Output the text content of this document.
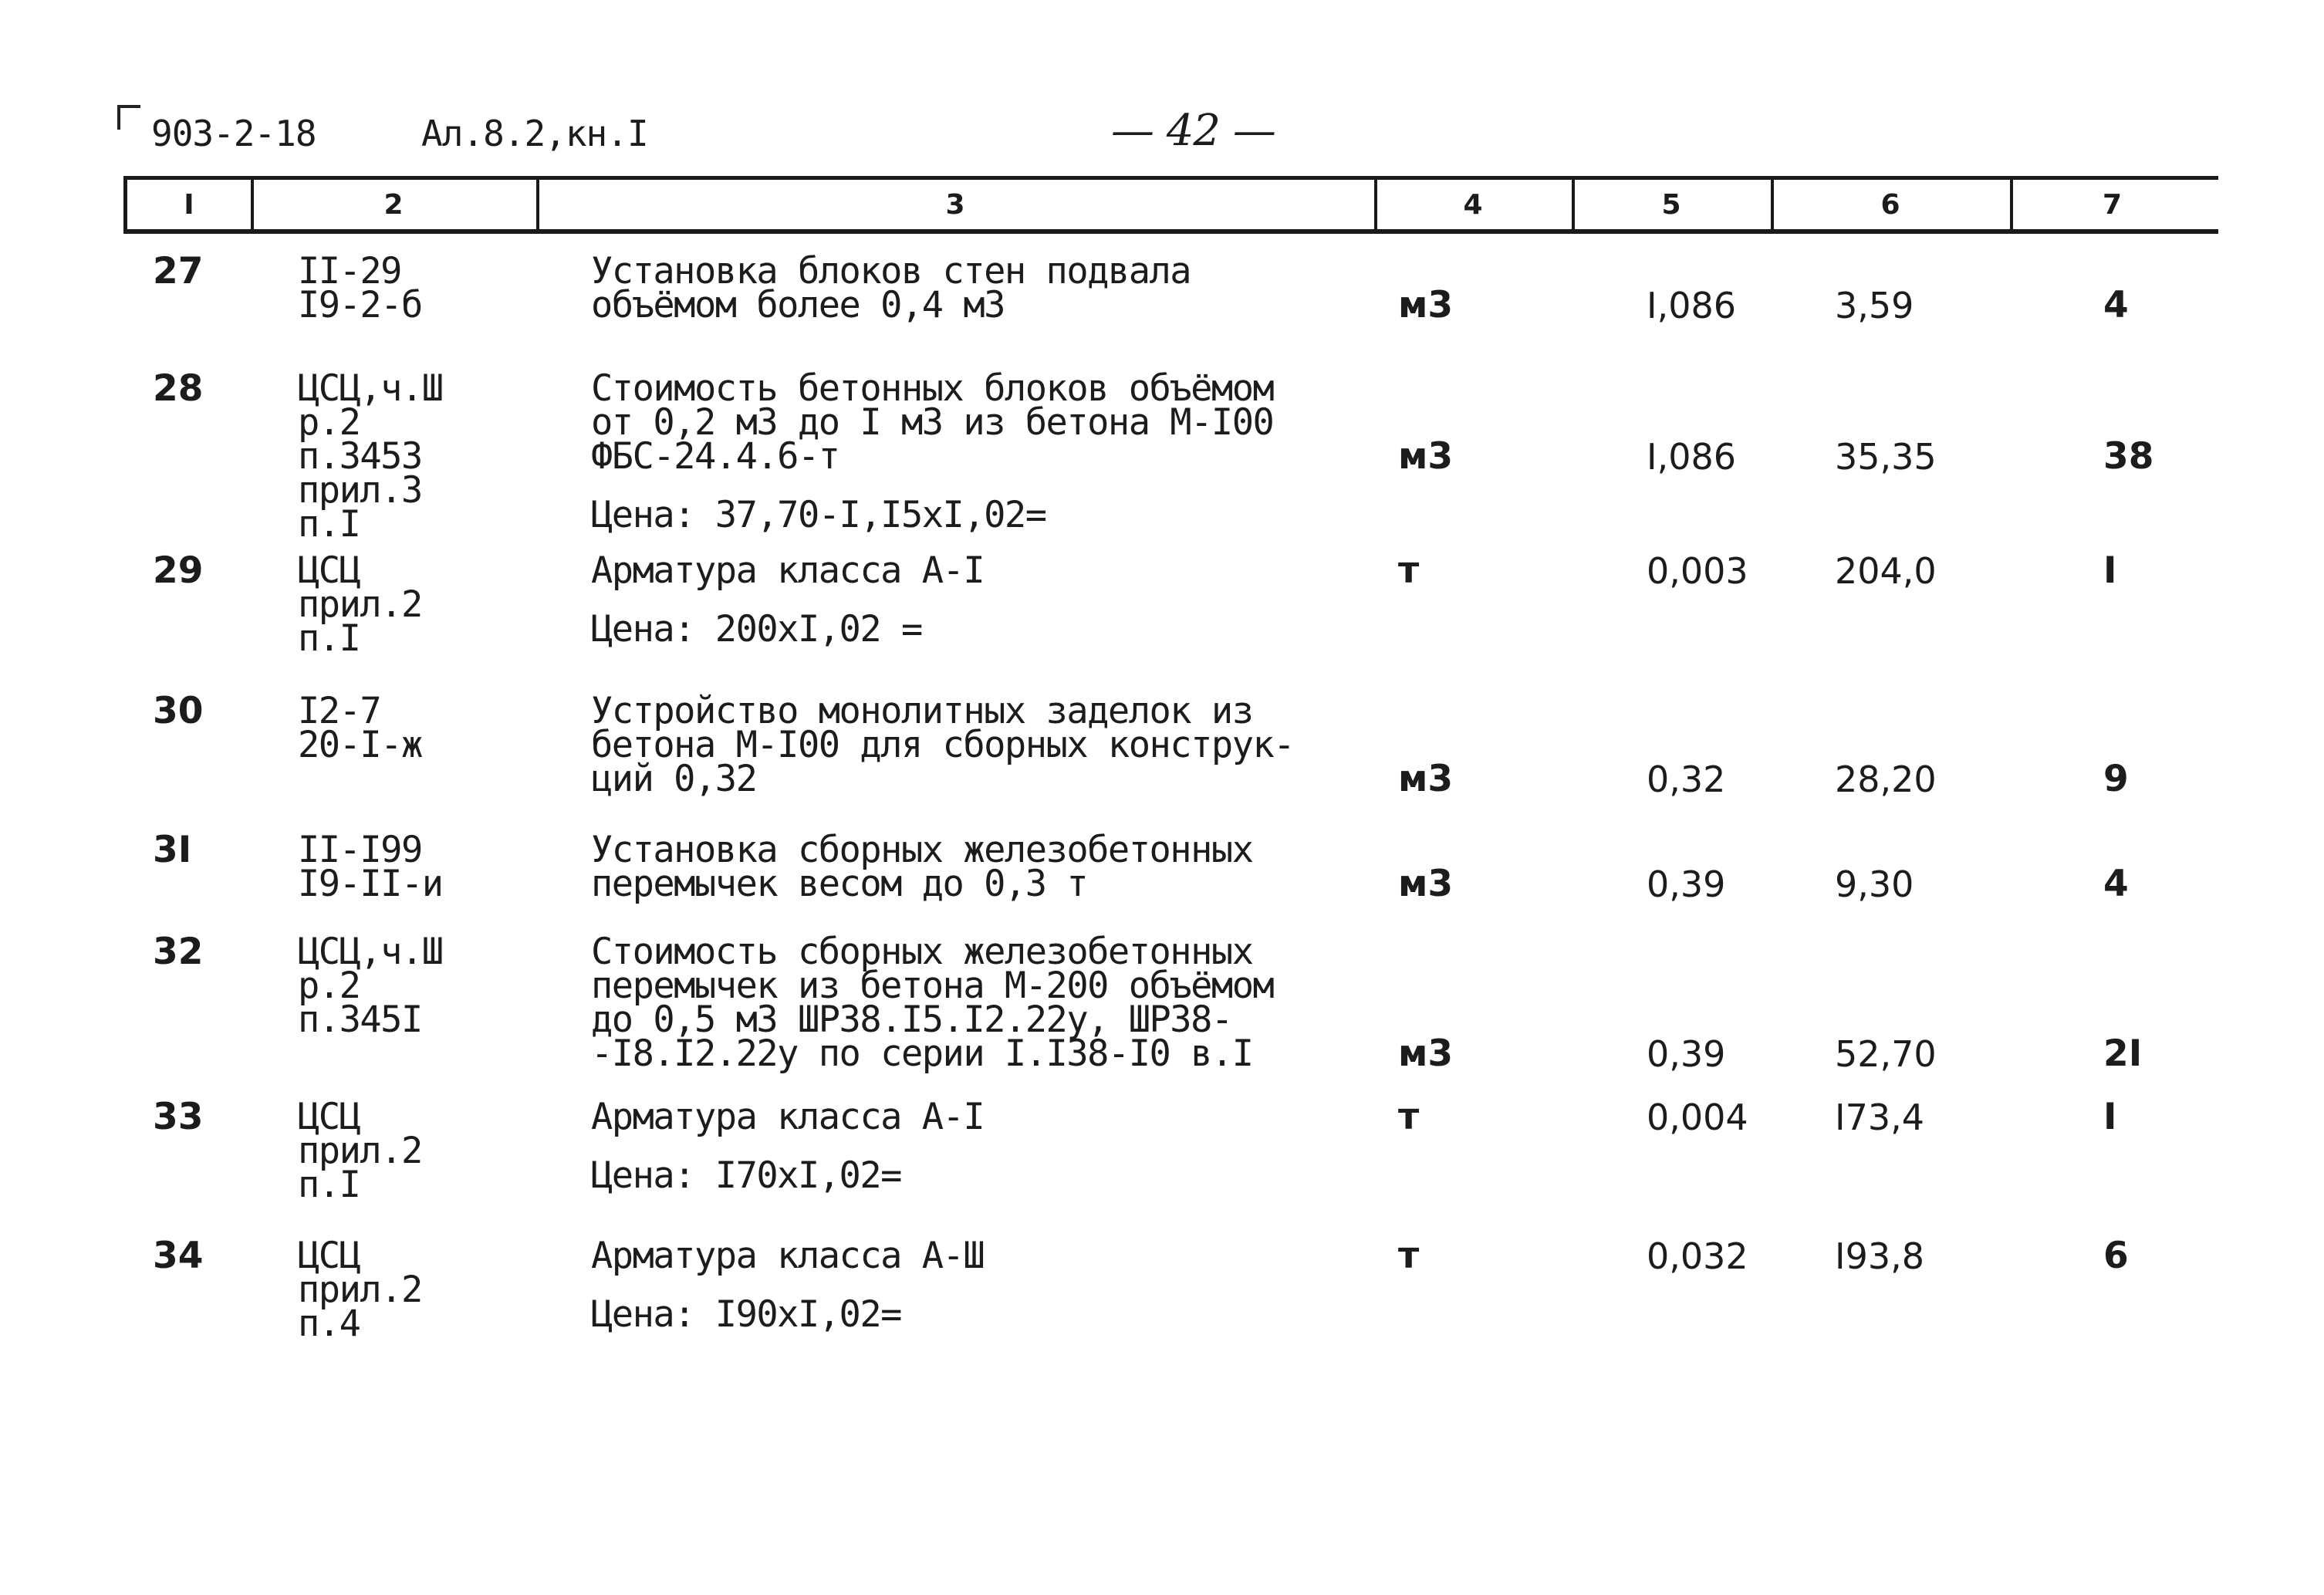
903-2-18	Ал.8.2,кн.I	— 42 —
I	2	3	4	5	6	7
27	II-29
I9-2-б
Установка блоков стен подвала
объёмом более 0,4 м3	м3	I,086	3,59	4
28	ЦСЦ,ч.Ш
р.2
п.3453
прил.3
п.I
Стоимость бетонных блоков объёмом
от 0,2 м3 до I м3 из бетона М-I00
ФБС-24.4.6-т
Цена: 37,70-I,I5xI,02=
м3	I,086	35,35	38
29	ЦСЦ
прил.2
п.I
Арматура класса А-I
Цена: 200xI,02 =
т	0,003 204,0	I
30	I2-7
20-I-ж
Устройство монолитных заделок из
бетона М-I00 для сборных конструк-
ций 0,32	м3	0,32	28,20	9
3I	II-I99
I9-II-и
Установка сборных железобетонных
перемычек весом до 0,3 т	м3	0,39	9,30	4
32	ЦСЦ,ч.Ш
р.2
п.345I
Стоимость сборных железобетонных
перемычек из бетона М-200 объёмом
до 0,5 м3 ШР38.I5.I2.22у, ШР38-
-I8.I2.22у по серии I.I38-I0 в.I	м3	0,39	52,70	2I
33	ЦСЦ
прил.2
п.I
Арматура класса А-I
Цена: I70xI,02=
т	0,004 I73,4	I
34	ЦСЦ
прил.2
п.4
Арматура класса А-Ш
Цена: I90xI,02=
т	0,032 I93,8	6
